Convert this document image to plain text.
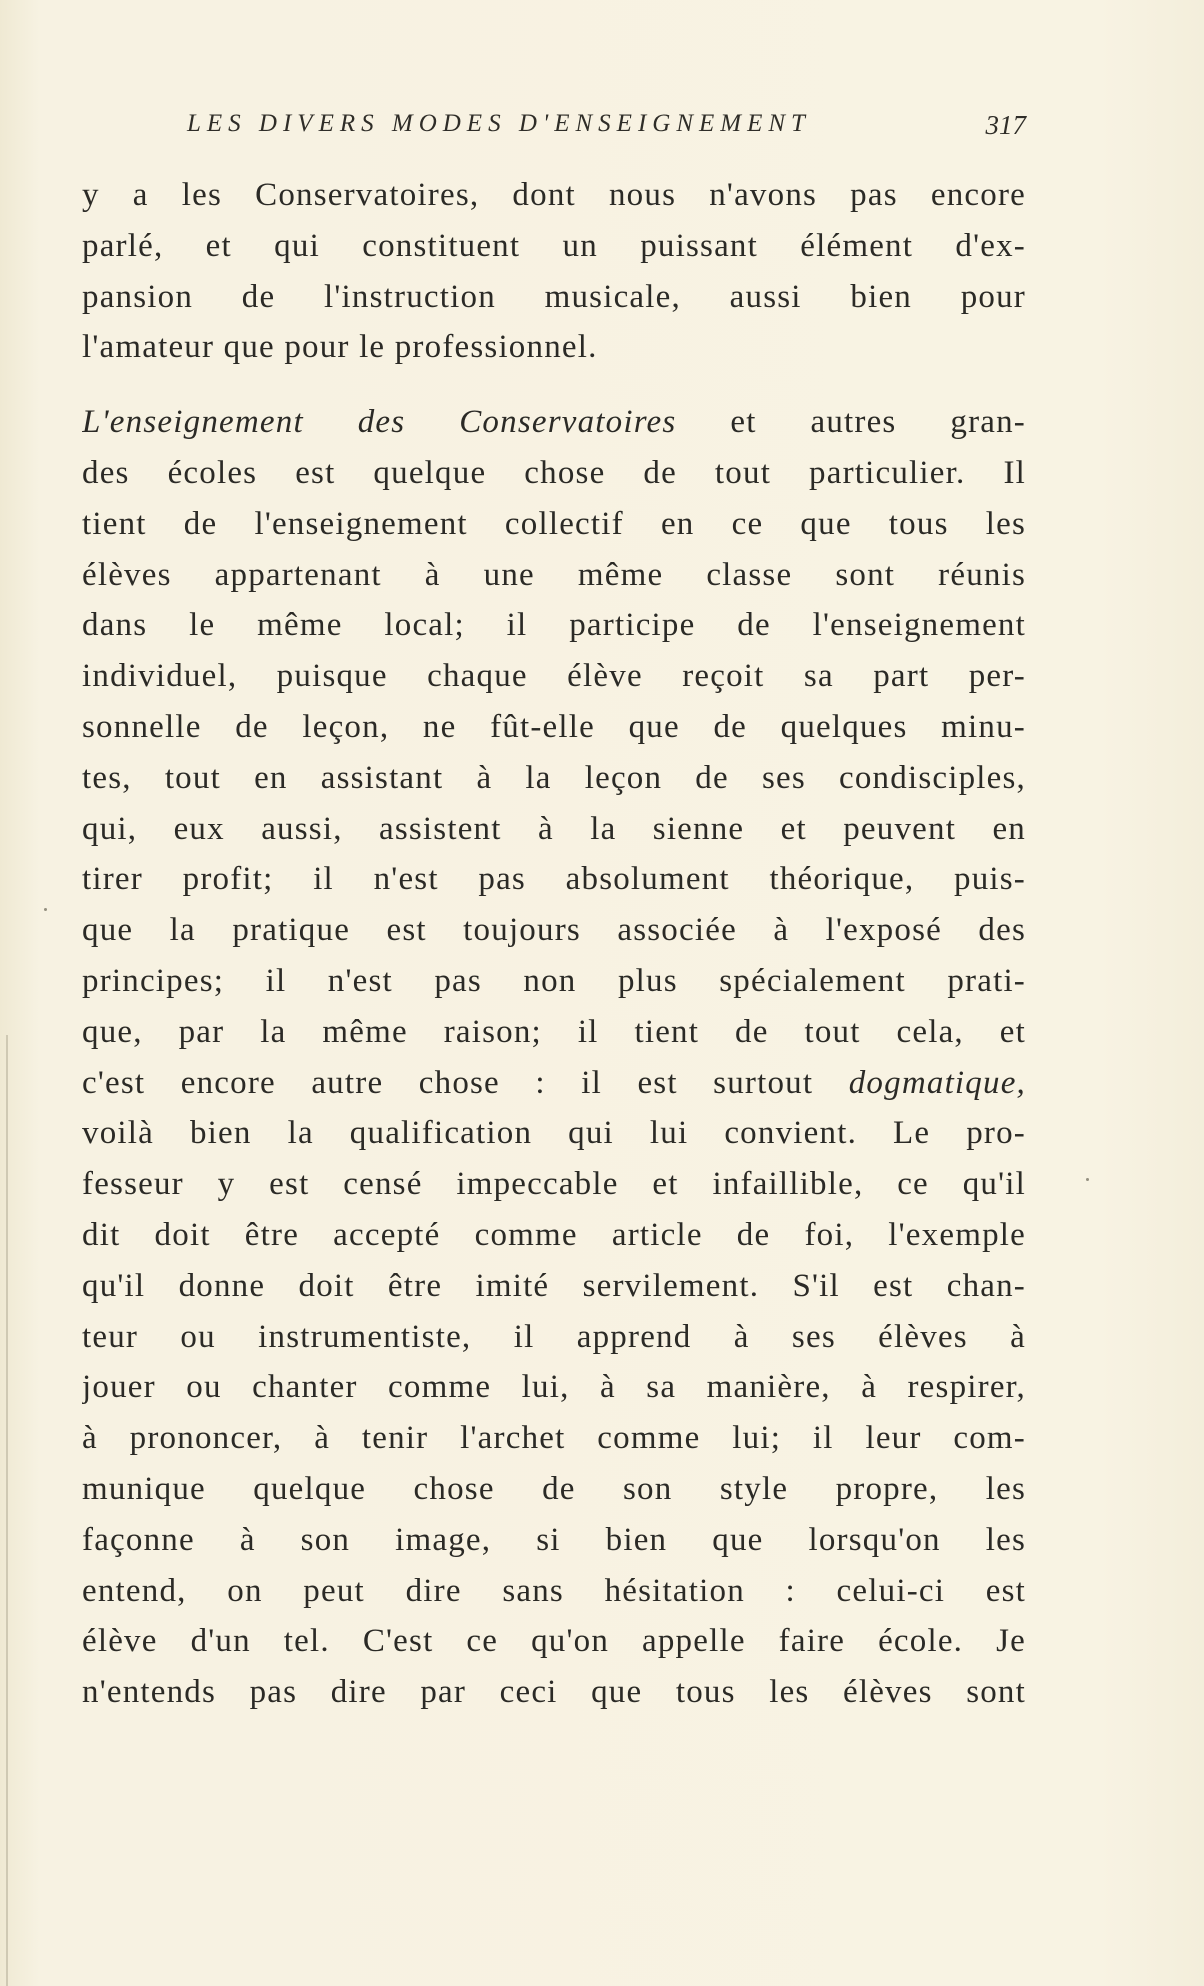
LES DIVERS MODES D'ENSEIGNEMENT	317
y a les Conservatoires, dont nous n'avons pas encore
parlé, et qui constituent un puissant élément d'ex-
pansion de l'instruction musicale, aussi bien pour
l'amateur que pour le professionnel.
L'enseignement des Conservatoires et autres gran-
des écoles est quelque chose de tout particulier. Il
tient de l'enseignement collectif en ce que tous les
élèves appartenant à une même classe sont réunis
dans le même local; il participe de l'enseignement
individuel, puisque chaque élève reçoit sa part per-
sonnelle de leçon, ne fût-elle que de quelques minu-
tes, tout en assistant à la leçon de ses condisciples,
qui, eux aussi, assistent à la sienne et peuvent en
tirer profit; il n'est pas absolument théorique, puis-
que la pratique est toujours associée à l'exposé des
principes; il n'est pas non plus spécialement prati-
que, par la même raison; il tient de tout cela, et
c'est encore autre chose : il est surtout dogmatique,
voilà bien la qualification qui lui convient. Le pro-
fesseur y est censé impeccable et infaillible, ce qu'il
dit doit être accepté comme article de foi, l'exemple
qu'il donne doit être imité servilement. S'il est chan-
teur ou instrumentiste, il apprend à ses élèves à
jouer ou chanter comme lui, à sa manière, à respirer,
à prononcer, à tenir l'archet comme lui; il leur com-
munique quelque chose de son style propre, les
façonne à son image, si bien que lorsqu'on les
entend, on peut dire sans hésitation : celui-ci est
élève d'un tel. C'est ce qu'on appelle faire école. Je
n'entends pas dire par ceci que tous les élèves sont
